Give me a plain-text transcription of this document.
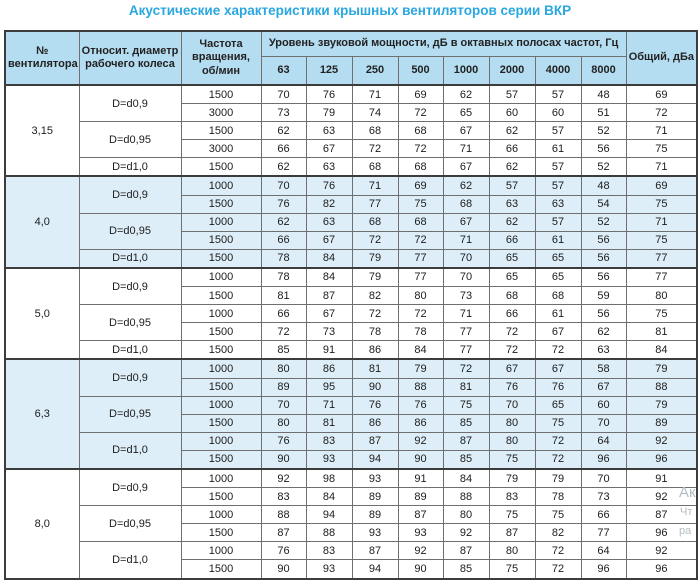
Акустические характеристики крышных вентиляторов серии ВКР
№ вентилятора	Относит. диаметр рабочего колеса	Частота вращения, об/мин	Уровень звуковой мощности, дБ в октавных полосах частот, Гц								Общий, дБа
			63	125	250	500	1000	2000	4000	8000	
3,15	D=d0,9	1500	70	76	71	69	62	57	57	48	69
		3000	73	79	74	72	65	60	60	51	72
	D=d0,95	1500	62	63	68	68	67	62	57	52	71
		3000	66	67	72	72	71	66	61	56	75
	D=d1,0	1500	62	63	68	68	67	62	57	52	71
4,0	D=d0,9	1000	70	76	71	69	62	57	57	48	69
		1500	76	82	77	75	68	63	63	54	75
	D=d0,95	1000	62	63	68	68	67	62	57	52	71
		1500	66	67	72	72	71	66	61	56	75
	D=d1,0	1500	78	84	79	77	70	65	65	56	77
5,0	D=d0,9	1000	78	84	79	77	70	65	65	56	77
		1500	81	87	82	80	73	68	68	59	80
	D=d0,95	1000	66	67	72	72	71	66	61	56	75
		1500	72	73	78	78	77	72	67	62	81
	D=d1,0	1500	85	91	86	84	77	72	72	63	84
6,3	D=d0,9	1000	80	86	81	79	72	67	67	58	79
		1500	89	95	90	88	81	76	76	67	88
	D=d0,95	1000	70	71	76	76	75	70	65	60	79
		1500	80	81	86	86	85	80	75	70	89
	D=d1,0	1000	76	83	87	92	87	80	72	64	92
		1500	90	93	94	90	85	75	72	96	96
8,0	D=d0,9	1000	92	98	93	91	84	79	79	70	91
		1500	83	84	89	89	88	83	78	73	92
	D=d0,95	1000	88	94	89	87	80	75	75	66	87
		1500	87	88	93	93	92	87	82	77	96
	D=d1,0	1000	76	83	87	92	87	80	72	64	92
		1500	90	93	94	90	85	75	72	96	96
Ак
Чт
ра
